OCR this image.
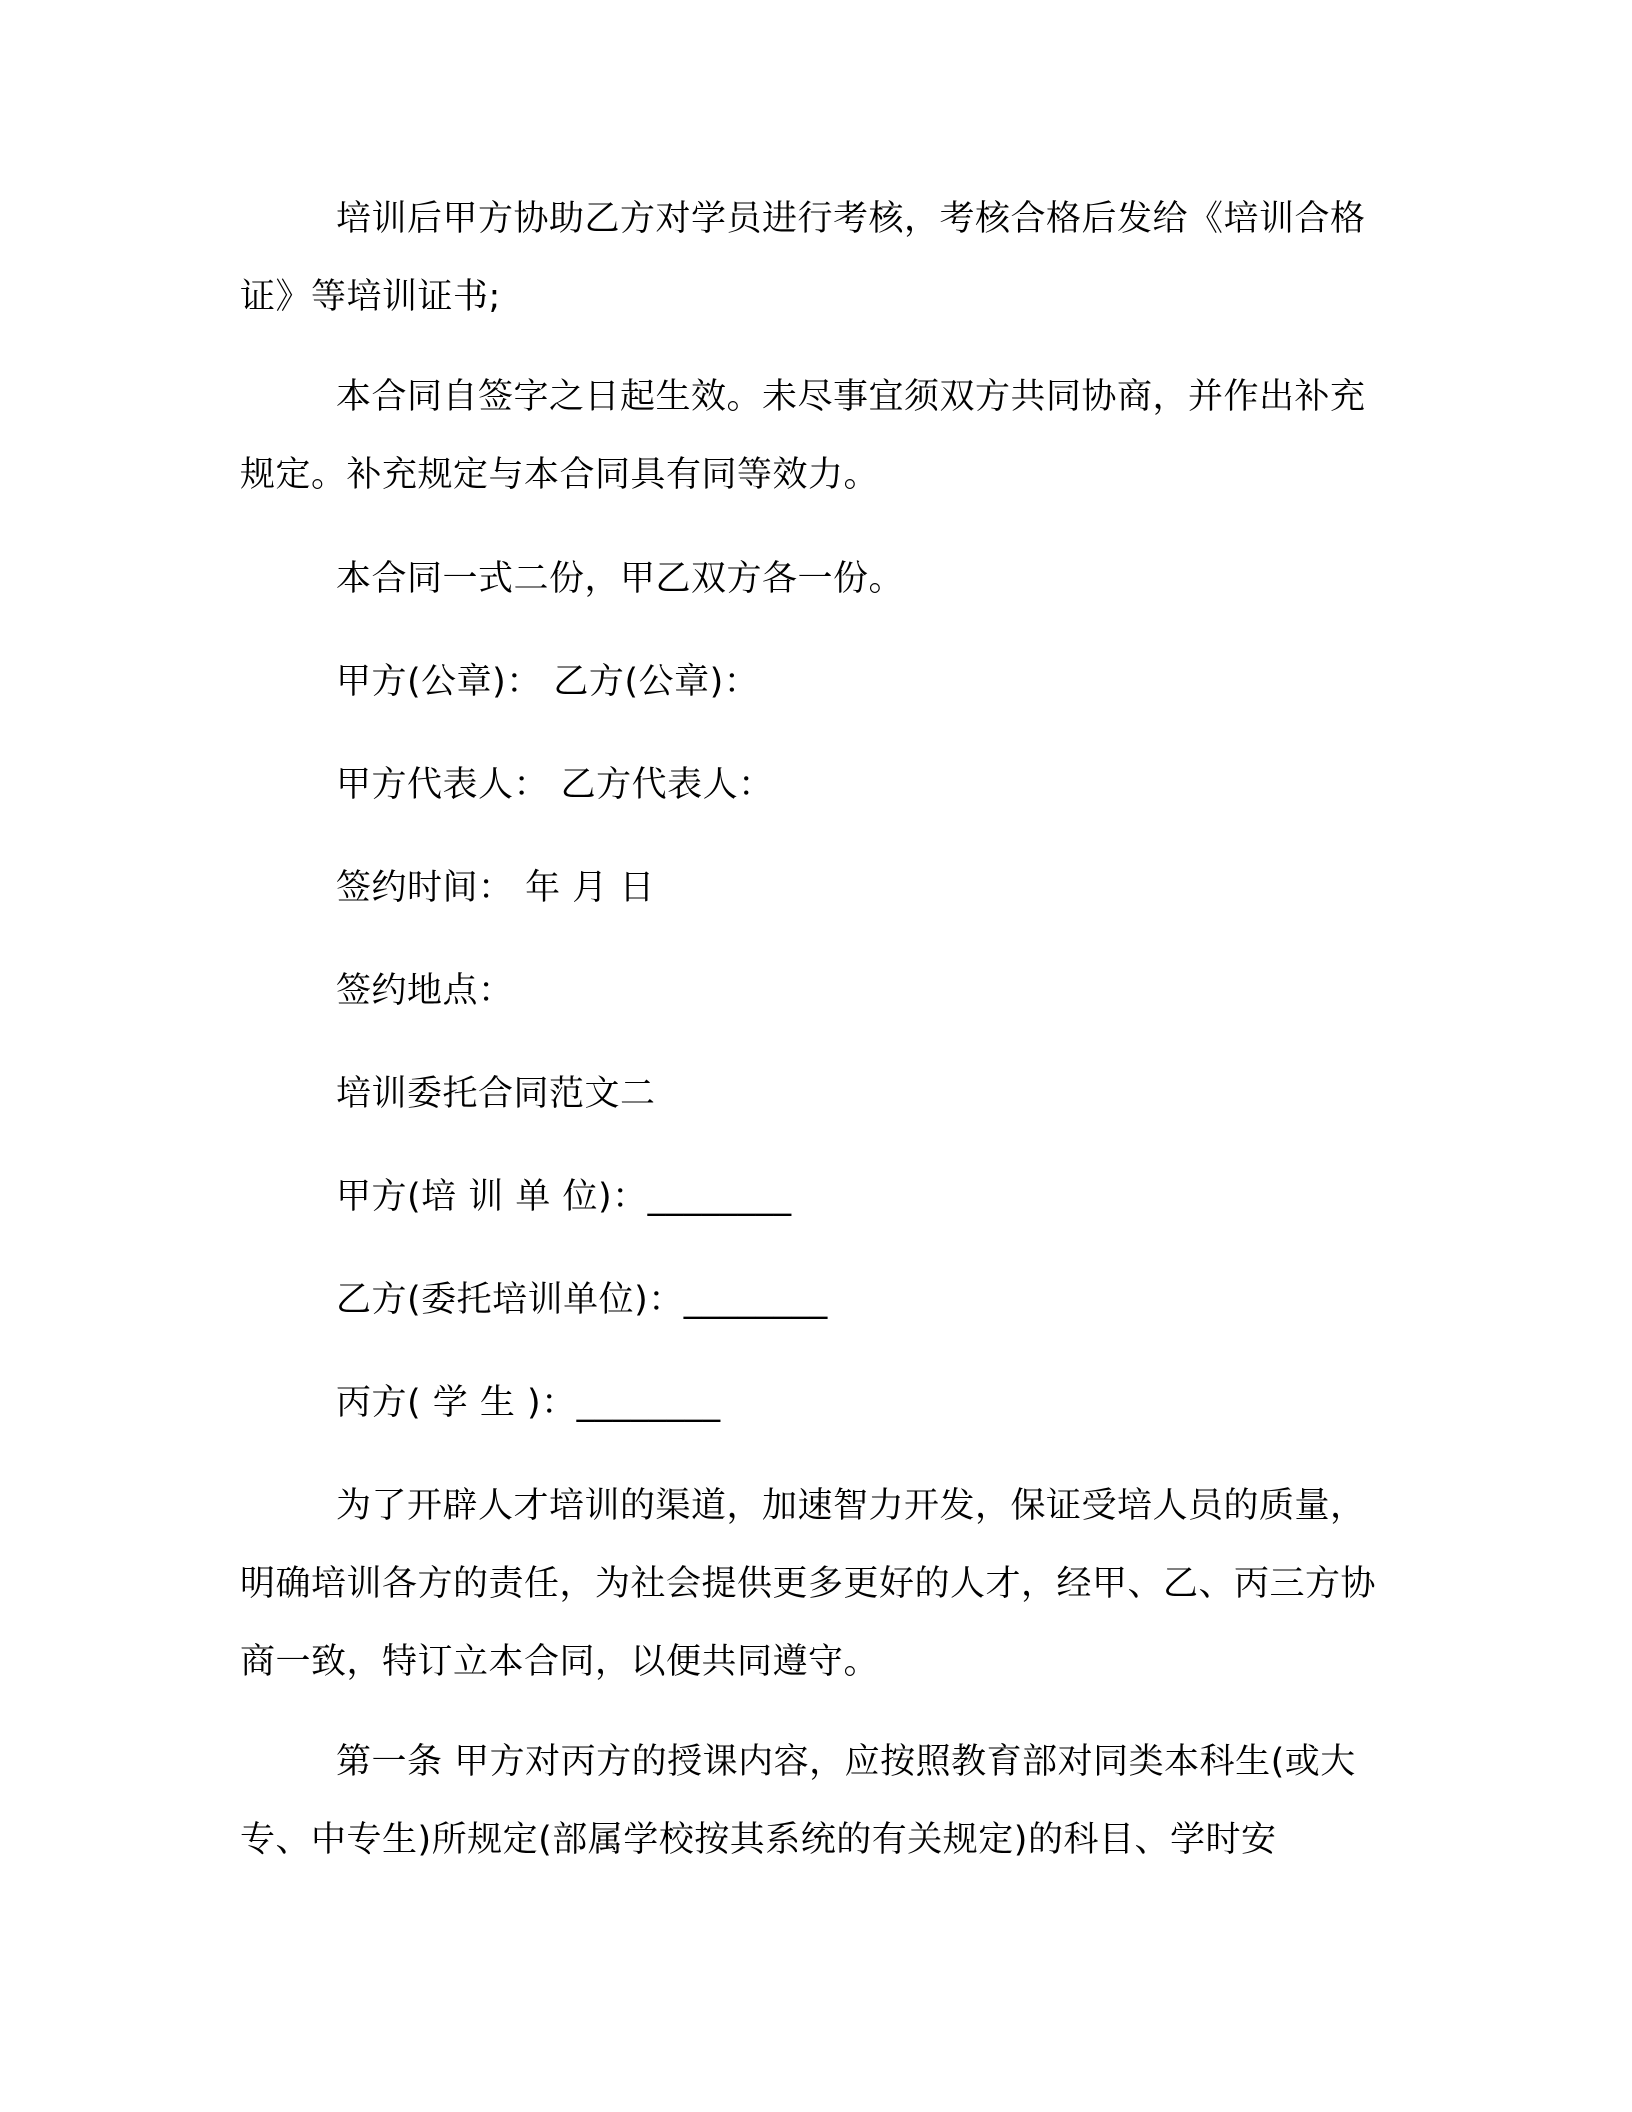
培训后甲方协助乙方对学员进行考核，考核合格后发给《培训合格证》等培训证书;

本合同自签字之日起生效。未尽事宜须双方共同协商，并作出补充规定。补充规定与本合同具有同等效力。

本合同一式二份，甲乙双方各一份。

甲方(公章)： 乙方(公章)：

甲方代表人： 乙方代表人：

签约时间： 年 月 日

签约地点：

培训委托合同范文二

甲方(培 训 单 位)：________

乙方(委托培训单位)：________

丙方( 学 生 )：________

为了开辟人才培训的渠道，加速智力开发，保证受培人员的质量，明确培训各方的责任，为社会提供更多更好的人才，经甲、乙、丙三方协商一致，特订立本合同，以便共同遵守。

第一条 甲方对丙方的授课内容，应按照教育部对同类本科生(或大专、中专生)所规定(部属学校按其系统的有关规定)的科目、学时安
